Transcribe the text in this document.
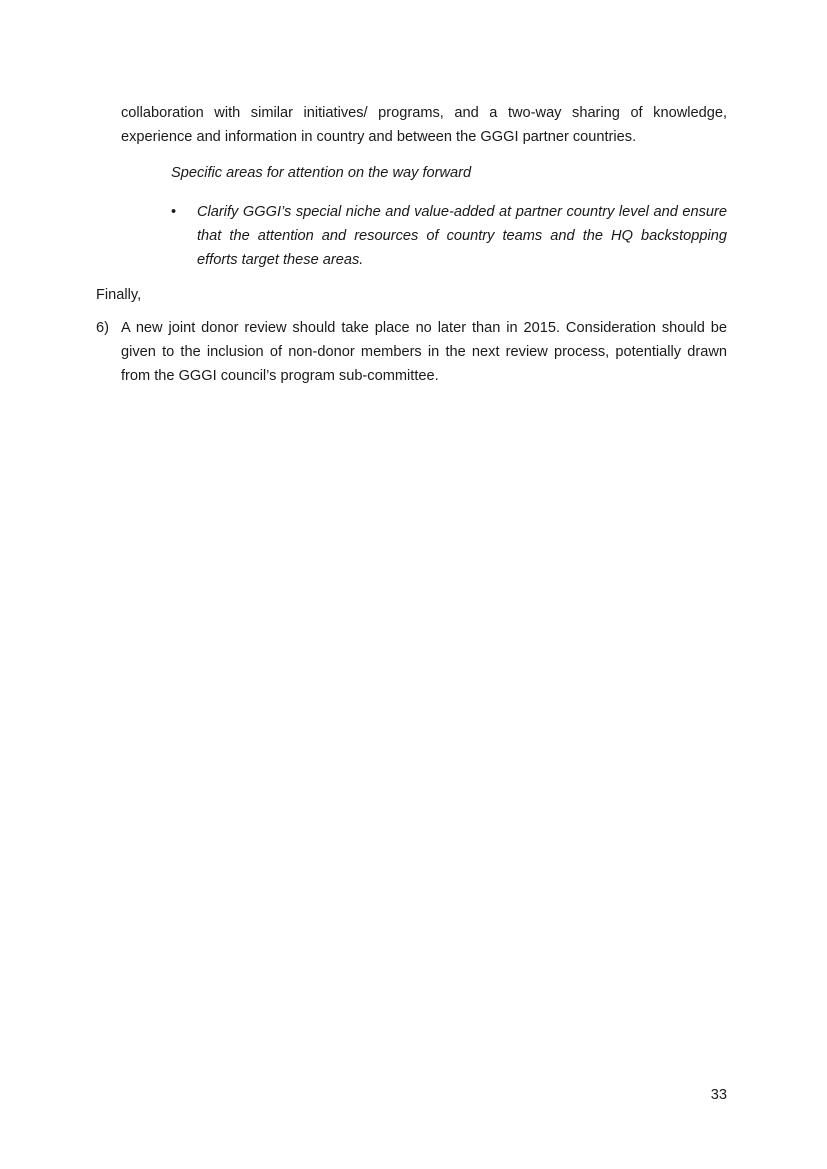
collaboration with similar initiatives/ programs, and a two-way sharing of knowledge, experience and information in country and between the GGGI partner countries.

Specific areas for attention on the way forward

•	Clarify GGGI’s special niche and value-added at partner country level and ensure that the attention and resources of country teams and the HQ backstopping efforts target these areas.

Finally,

6) A new joint donor review should take place no later than in 2015. Consideration should be given to the inclusion of non-donor members in the next review process, potentially drawn from the GGGI council’s program sub-committee.

33
